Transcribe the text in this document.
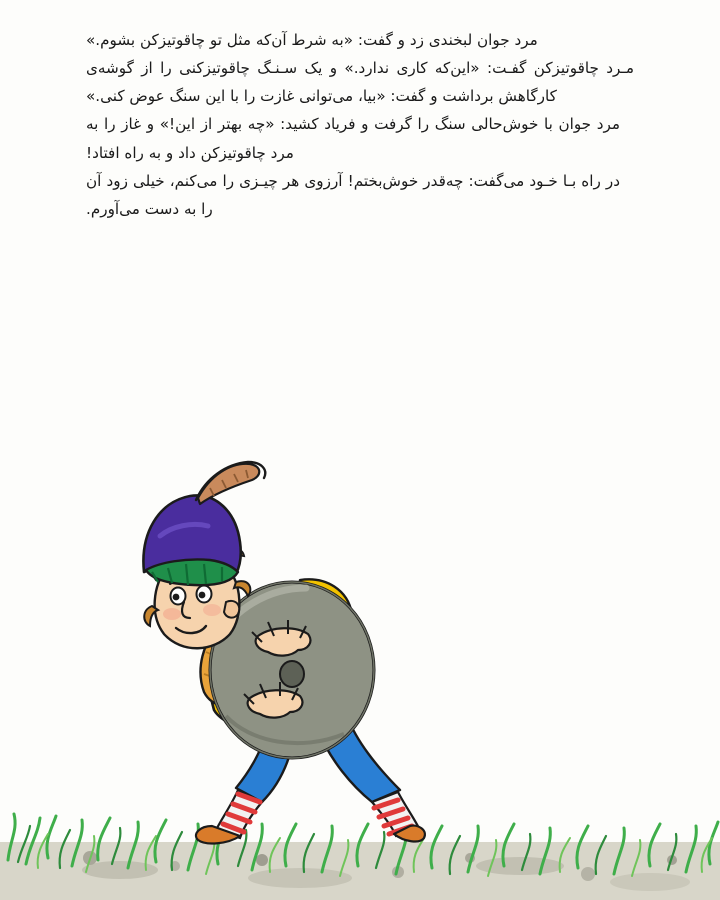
مرد جوان لبخندی زد و گفت: «به شرط آن‌که مثل تو چاقوتیزکن بشوم.»

مـرد چاقوتیزکن گفـت: «این‌که کاری ندارد.» و یک سـنـگ چاقوتیزکنی را از گوشه‌ی کارگاهش برداشت و گفت: «بیا، می‌توانی غازت را با این سنگ عوض کنی.»

مرد جوان با خوش‌حالی سنگ را گرفت و فریاد کشید: «چه بهتر از این!» و غاز را به مرد چاقوتیزکن داد و به راه افتاد!

در راه بـا خـود می‌گفت: چه‌قدر خوش‌بختم! آرزوی هر چیـزی را می‌کنم، خیلی زود آن را به دست می‌آورم.
